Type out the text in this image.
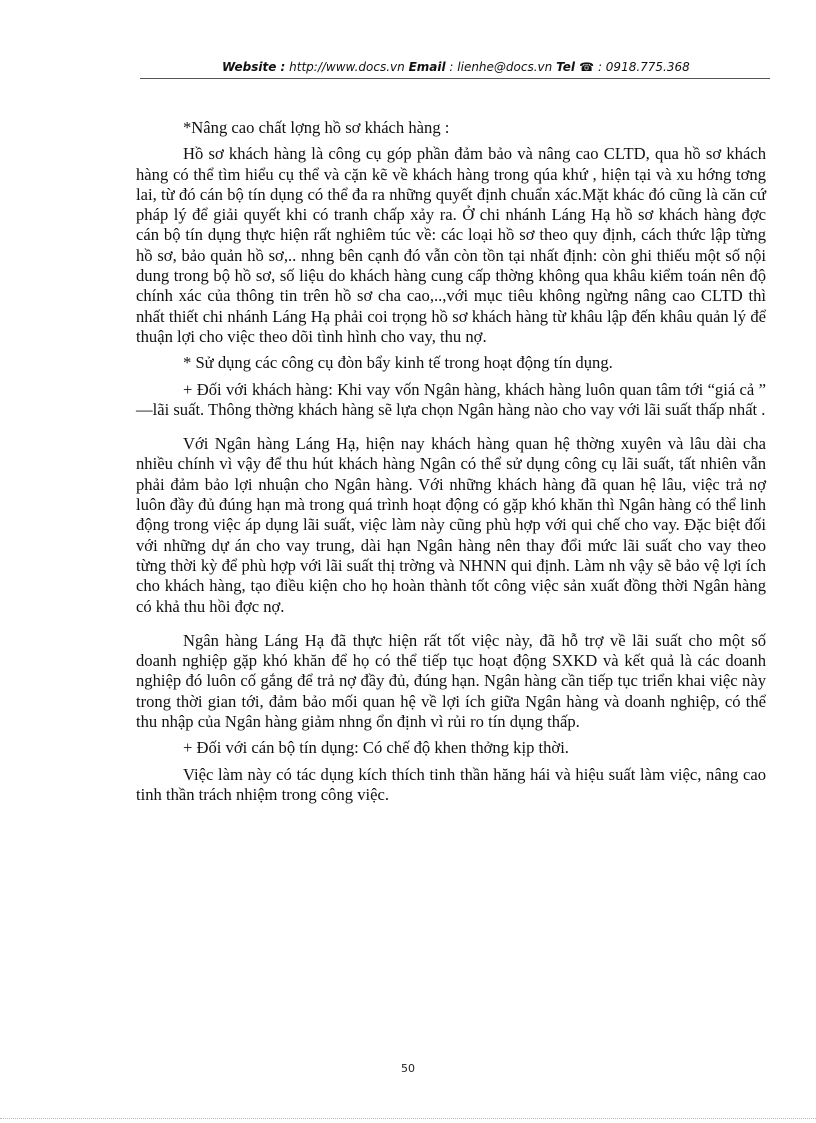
Website : http://www.docs.vn Email : lienhe@docs.vn Tel ☎ : 0918.775.368

*Nâng cao chất lợng hồ sơ khách hàng :

Hồ sơ khách hàng là công cụ góp phần đảm bảo và nâng cao CLTD, qua hồ sơ khách hàng có thể tìm hiểu cụ thể và cặn kẽ về khách hàng trong qúa khứ , hiện tại và xu hớng tơng lai, từ đó cán bộ tín dụng có thể đa ra những quyết định chuẩn xác.Mặt khác đó cũng là căn cứ pháp lý để giải quyết khi có tranh chấp xảy ra. Ở chi nhánh Láng Hạ hồ sơ khách hàng đợc cán bộ tín dụng thực hiện rất nghiêm túc về: các loại hồ sơ theo quy định, cách thức lập từng hồ sơ, bảo quản hồ sơ,.. nhng bên cạnh đó vẫn còn tồn tại nhất định: còn ghi thiếu một số nội dung trong bộ hồ sơ, số liệu do khách hàng cung cấp thờng không qua khâu kiểm toán nên độ chính xác của thông tin trên hồ sơ cha cao,..,với mục tiêu không ngừng nâng cao CLTD thì nhất thiết chi nhánh Láng Hạ phải coi trọng hồ sơ khách hàng từ khâu lập đến khâu quản lý để thuận lợi cho việc theo dõi tình hình cho vay, thu nợ.

* Sử dụng các công cụ đòn bẩy kinh tế trong hoạt động tín dụng.

+ Đối với khách hàng: Khi vay vốn Ngân hàng, khách hàng luôn quan tâm tới “giá cả ” —lãi suất. Thông thờng khách hàng sẽ lựa chọn Ngân hàng nào cho vay với lãi suất thấp nhất .

Với Ngân hàng Láng Hạ, hiện nay khách hàng quan hệ thờng xuyên và lâu dài cha nhiều chính vì vậy để thu hút khách hàng Ngân có thể sử dụng công cụ lãi suất, tất nhiên vẫn phải đảm bảo lợi nhuận cho Ngân hàng. Với những khách hàng đã quan hệ lâu, việc trả nợ luôn đầy đủ đúng hạn mà trong quá trình hoạt động có gặp khó khăn thì Ngân hàng có thể linh động trong việc áp dụng lãi suất, việc làm này cũng phù hợp với qui chế cho vay. Đặc biệt đối với những dự án cho vay trung, dài hạn Ngân hàng nên thay đổi mức lãi suất cho vay theo từng thời kỳ để phù hợp với lãi suất thị trờng và NHNN qui định. Làm nh vậy sẽ bảo vệ lợi ích cho khách hàng, tạo điều kiện cho họ hoàn thành tốt công việc sản xuất đồng thời Ngân hàng có khả thu hồi đợc nợ.

Ngân hàng Láng Hạ đã thực hiện rất tốt việc này, đã hỗ trợ về lãi suất cho một số doanh nghiệp gặp khó khăn để họ có thể tiếp tục hoạt động SXKD và kết quả là các doanh nghiệp đó luôn cố gắng để trả nợ đầy đủ, đúng hạn. Ngân hàng cần tiếp tục triển khai việc này trong thời gian tới, đảm bảo mối quan hệ về lợi ích giữa Ngân hàng và doanh nghiệp, có thể thu nhập của Ngân hàng giảm nhng ổn định vì rủi ro tín dụng thấp.

+ Đối với cán bộ tín dụng: Có chế độ khen thởng kịp thời.

Việc làm này có tác dụng kích thích tinh thần hăng hái và hiệu suất làm việc, nâng cao tinh thần trách nhiệm trong công việc.

50
